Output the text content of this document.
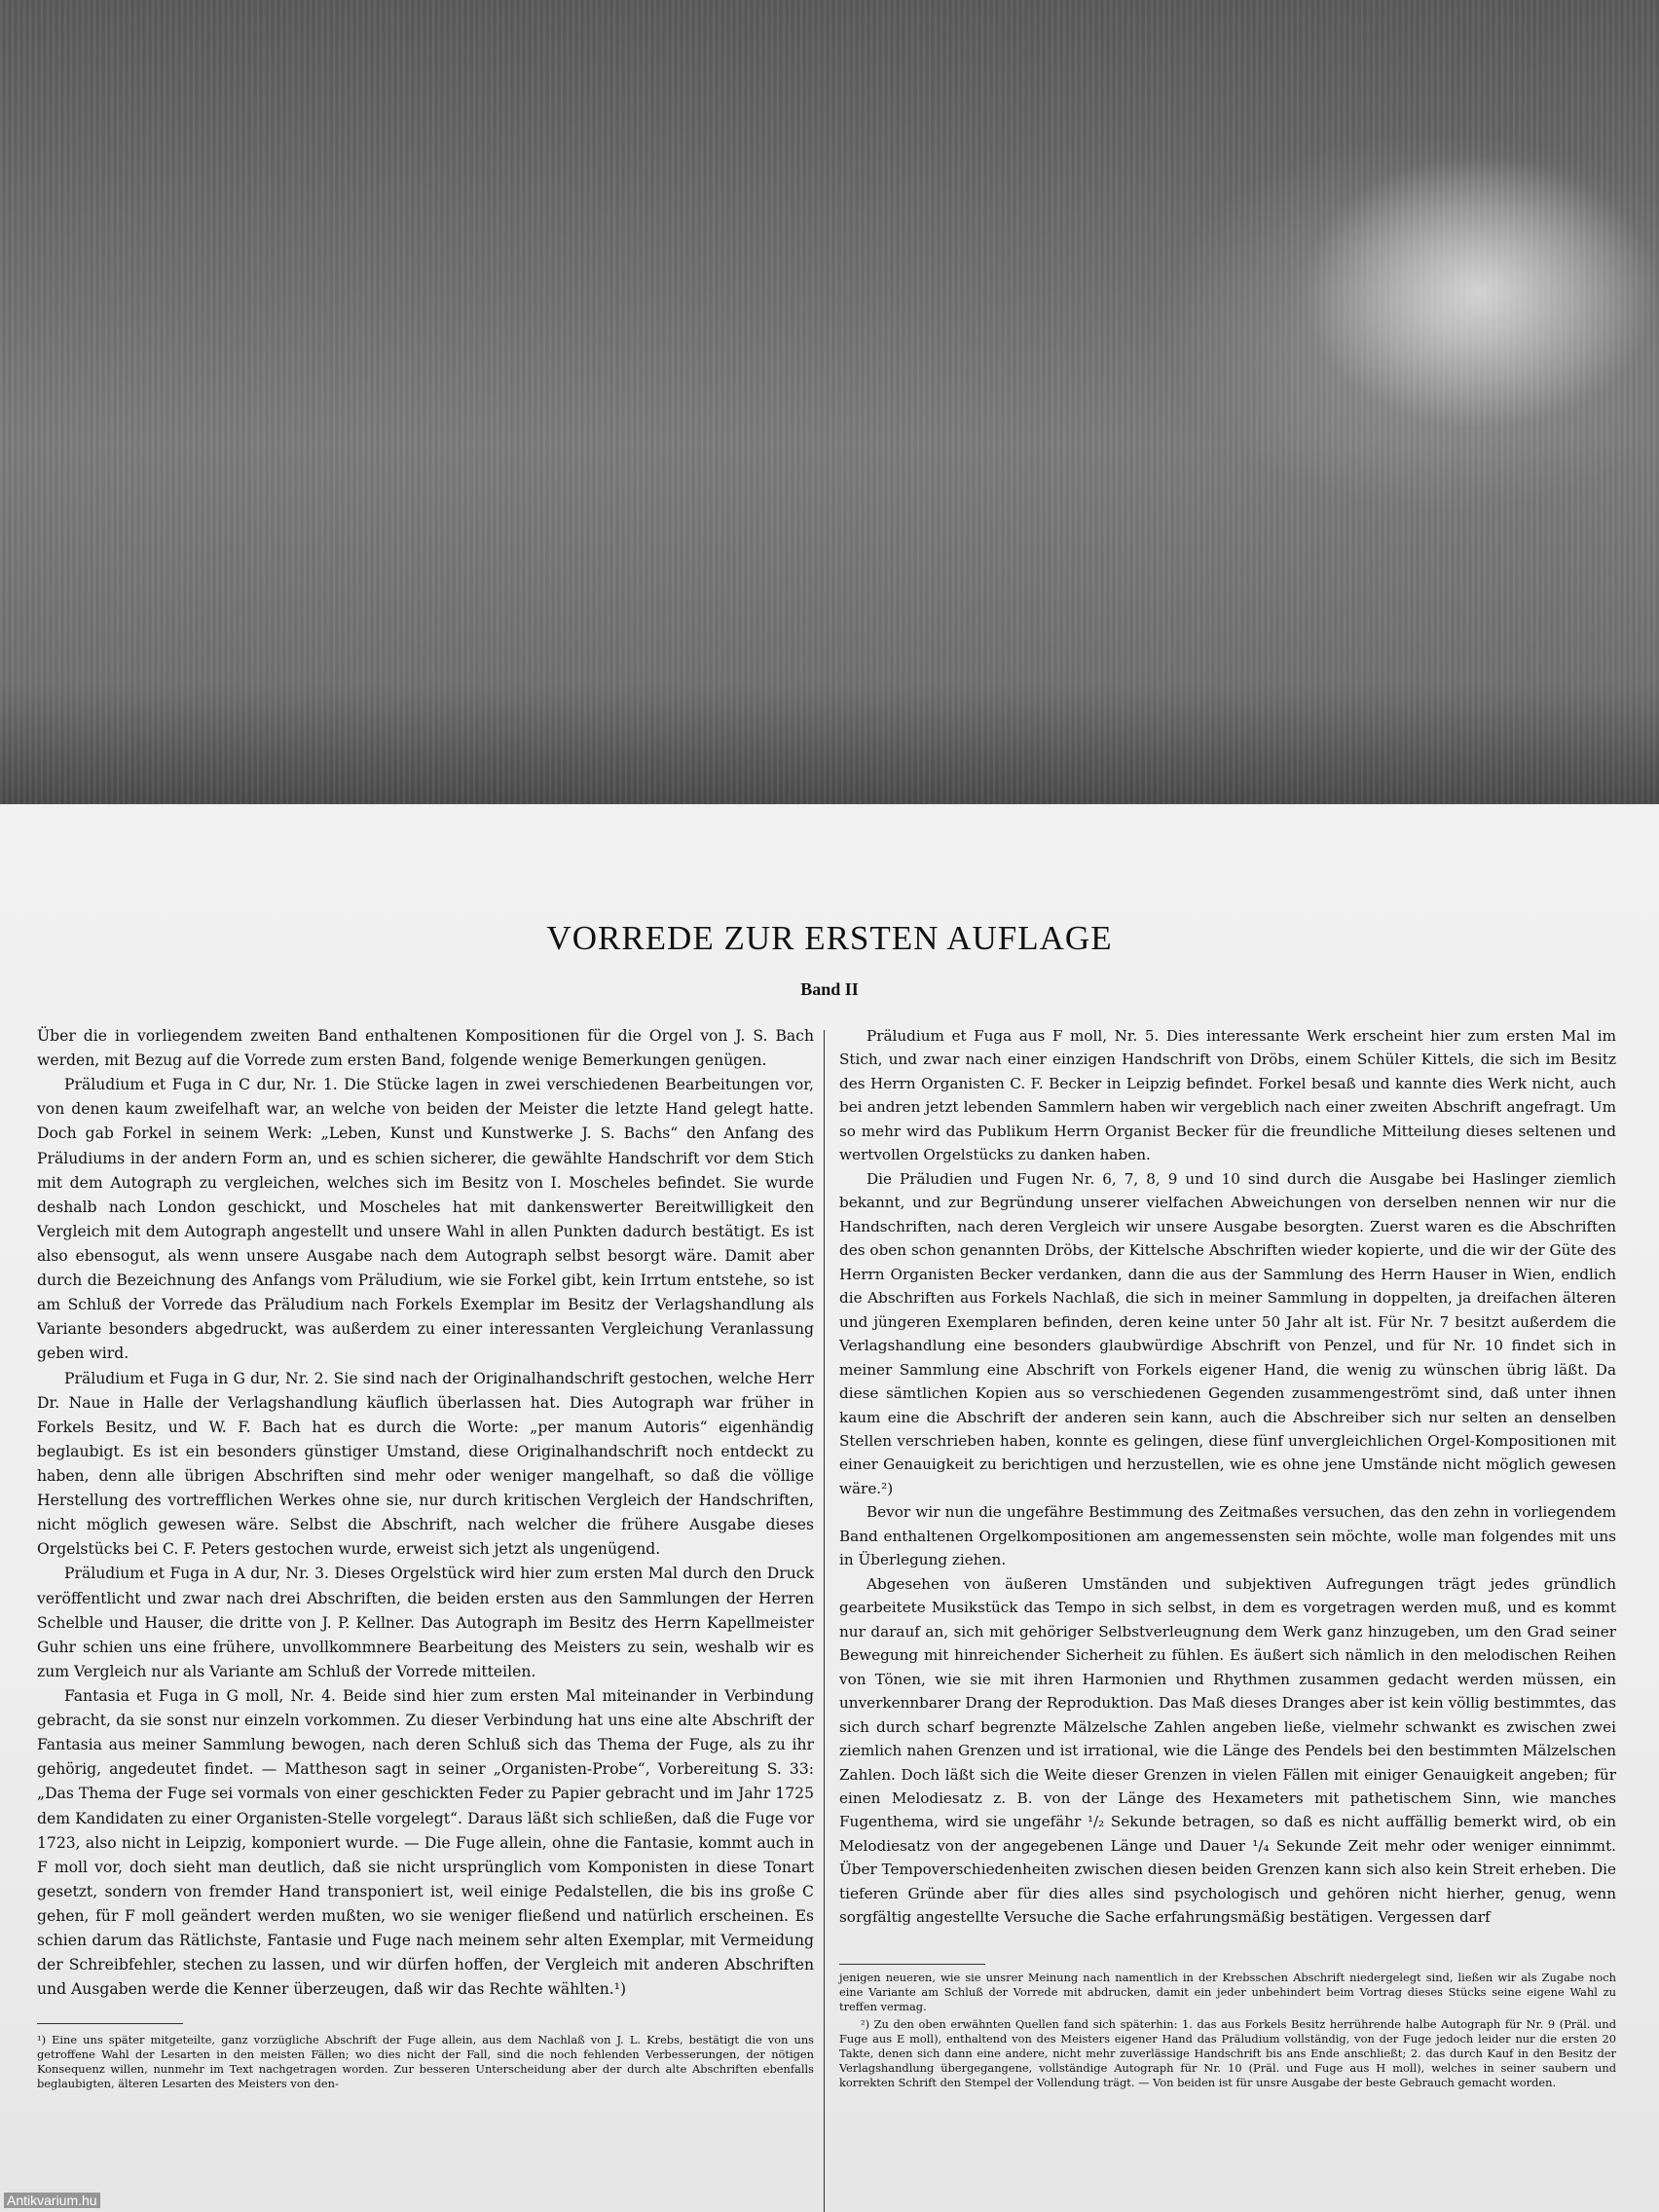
VORREDE ZUR ERSTEN AUFLAGE
Band II

Über die in vorliegendem zweiten Band enthaltenen Kompositionen für die Orgel von J. S. Bach werden, mit Bezug auf die Vorrede zum ersten Band, folgende wenige Bemerkungen genügen.

Präludium et Fuga in C dur, Nr. 1. Die Stücke lagen in zwei verschiedenen Bearbeitungen vor, von denen kaum zweifelhaft war, an welche von beiden der Meister die letzte Hand gelegt hatte. Doch gab Forkel in seinem Werk: „Leben, Kunst und Kunstwerke J. S. Bachs“ den Anfang des Präludiums in der andern Form an, und es schien sicherer, die gewählte Handschrift vor dem Stich mit dem Autograph zu vergleichen, welches sich im Besitz von I. Moscheles befindet. Sie wurde deshalb nach London geschickt, und Moscheles hat mit dankenswerter Bereitwilligkeit den Vergleich mit dem Autograph angestellt und unsere Wahl in allen Punkten dadurch bestätigt. Es ist also ebensogut, als wenn unsere Ausgabe nach dem Autograph selbst besorgt wäre. Damit aber durch die Bezeichnung des Anfangs vom Präludium, wie sie Forkel gibt, kein Irrtum entstehe, so ist am Schluß der Vorrede das Präludium nach Forkels Exemplar im Besitz der Verlagshandlung als Variante besonders abgedruckt, was außerdem zu einer interessanten Vergleichung Veranlassung geben wird.

Präludium et Fuga in G dur, Nr. 2. Sie sind nach der Originalhandschrift gestochen, welche Herr Dr. Naue in Halle der Verlagshandlung käuflich überlassen hat. Dies Autograph war früher in Forkels Besitz, und W. F. Bach hat es durch die Worte: „per manum Autoris“ eigenhändig beglaubigt. Es ist ein besonders günstiger Umstand, diese Originalhandschrift noch entdeckt zu haben, denn alle übrigen Abschriften sind mehr oder weniger mangelhaft, so daß die völlige Herstellung des vortrefflichen Werkes ohne sie, nur durch kritischen Vergleich der Handschriften, nicht möglich gewesen wäre. Selbst die Abschrift, nach welcher die frühere Ausgabe dieses Orgelstücks bei C. F. Peters gestochen wurde, erweist sich jetzt als ungenügend.

Präludium et Fuga in A dur, Nr. 3. Dieses Orgelstück wird hier zum ersten Mal durch den Druck veröffentlicht und zwar nach drei Abschriften, die beiden ersten aus den Sammlungen der Herren Schelble und Hauser, die dritte von J. P. Kellner. Das Autograph im Besitz des Herrn Kapellmeister Guhr schien uns eine frühere, unvollkommnere Bearbeitung des Meisters zu sein, weshalb wir es zum Vergleich nur als Variante am Schluß der Vorrede mitteilen.

Fantasia et Fuga in G moll, Nr. 4. Beide sind hier zum ersten Mal miteinander in Verbindung gebracht, da sie sonst nur einzeln vorkommen. Zu dieser Verbindung hat uns eine alte Abschrift der Fantasia aus meiner Sammlung bewogen, nach deren Schluß sich das Thema der Fuge, als zu ihr gehörig, angedeutet findet. — Mattheson sagt in seiner „Organisten-Probe“, Vorbereitung S. 33: „Das Thema der Fuge sei vormals von einer geschickten Feder zu Papier gebracht und im Jahr 1725 dem Kandidaten zu einer Organisten-Stelle vorgelegt“. Daraus läßt sich schließen, daß die Fuge vor 1723, also nicht in Leipzig, komponiert wurde. — Die Fuge allein, ohne die Fantasie, kommt auch in F moll vor, doch sieht man deutlich, daß sie nicht ursprünglich vom Komponisten in diese Tonart gesetzt, sondern von fremder Hand transponiert ist, weil einige Pedalstellen, die bis ins große C gehen, für F moll geändert werden mußten, wo sie weniger fließend und natürlich erscheinen. Es schien darum das Rätlichste, Fantasie und Fuge nach meinem sehr alten Exemplar, mit Vermeidung der Schreibfehler, stechen zu lassen, und wir dürfen hoffen, der Vergleich mit anderen Abschriften und Ausgaben werde die Kenner überzeugen, daß wir das Rechte wählten.¹)

Präludium et Fuga aus F moll, Nr. 5. Dies interessante Werk erscheint hier zum ersten Mal im Stich, und zwar nach einer einzigen Handschrift von Dröbs, einem Schüler Kittels, die sich im Besitz des Herrn Organisten C. F. Becker in Leipzig befindet. Forkel besaß und kannte dies Werk nicht, auch bei andren jetzt lebenden Sammlern haben wir vergeblich nach einer zweiten Abschrift angefragt. Um so mehr wird das Publikum Herrn Organist Becker für die freundliche Mitteilung dieses seltenen und wertvollen Orgelstücks zu danken haben.

Die Präludien und Fugen Nr. 6, 7, 8, 9 und 10 sind durch die Ausgabe bei Haslinger ziemlich bekannt, und zur Begründung unserer vielfachen Abweichungen von derselben nennen wir nur die Handschriften, nach deren Vergleich wir unsere Ausgabe besorgten. Zuerst waren es die Abschriften des oben schon genannten Dröbs, der Kittelsche Abschriften wieder kopierte, und die wir der Güte des Herrn Organisten Becker verdanken, dann die aus der Sammlung des Herrn Hauser in Wien, endlich die Abschriften aus Forkels Nachlaß, die sich in meiner Sammlung in doppelten, ja dreifachen älteren und jüngeren Exemplaren befinden, deren keine unter 50 Jahr alt ist. Für Nr. 7 besitzt außerdem die Verlagshandlung eine besonders glaubwürdige Abschrift von Penzel, und für Nr. 10 findet sich in meiner Sammlung eine Abschrift von Forkels eigener Hand, die wenig zu wünschen übrig läßt. Da diese sämtlichen Kopien aus so verschiedenen Gegenden zusammengeströmt sind, daß unter ihnen kaum eine die Abschrift der anderen sein kann, auch die Abschreiber sich nur selten an denselben Stellen verschrieben haben, konnte es gelingen, diese fünf unvergleichlichen Orgel-Kompositionen mit einer Genauigkeit zu berichtigen und herzustellen, wie es ohne jene Umstände nicht möglich gewesen wäre.²)

Bevor wir nun die ungefähre Bestimmung des Zeitmaßes versuchen, das den zehn in vorliegendem Band enthaltenen Orgelkompositionen am angemessensten sein möchte, wolle man folgendes mit uns in Überlegung ziehen.

Abgesehen von äußeren Umständen und subjektiven Aufregungen trägt jedes gründlich gearbeitete Musikstück das Tempo in sich selbst, in dem es vorgetragen werden muß, und es kommt nur darauf an, sich mit gehöriger Selbstverleugnung dem Werk ganz hinzugeben, um den Grad seiner Bewegung mit hinreichender Sicherheit zu fühlen. Es äußert sich nämlich in den melodischen Reihen von Tönen, wie sie mit ihren Harmonien und Rhythmen zusammen gedacht werden müssen, ein unverkennbarer Drang der Reproduktion. Das Maß dieses Dranges aber ist kein völlig bestimmtes, das sich durch scharf begrenzte Mälzelsche Zahlen angeben ließe, vielmehr schwankt es zwischen zwei ziemlich nahen Grenzen und ist irrational, wie die Länge des Pendels bei den bestimmten Mälzelschen Zahlen. Doch läßt sich die Weite dieser Grenzen in vielen Fällen mit einiger Genauigkeit angeben; für einen Melodiesatz z. B. von der Länge des Hexameters mit pathetischem Sinn, wie manches Fugenthema, wird sie ungefähr ¹/₂ Sekunde betragen, so daß es nicht auffällig bemerkt wird, ob ein Melodiesatz von der angegebenen Länge und Dauer ¹/₄ Sekunde Zeit mehr oder weniger einnimmt. Über Tempoverschiedenheiten zwischen diesen beiden Grenzen kann sich also kein Streit erheben. Die tieferen Gründe aber für dies alles sind psychologisch und gehören nicht hierher, genug, wenn sorgfältig angestellte Versuche die Sache erfahrungsmäßig bestätigen. Vergessen darf

¹) Eine uns später mitgeteilte, ganz vorzügliche Abschrift der Fuge allein, aus dem Nachlaß von J. L. Krebs, bestätigt die von uns getroffene Wahl der Lesarten in den meisten Fällen; wo dies nicht der Fall, sind die noch fehlenden Verbesserungen, der nötigen Konsequenz willen, nunmehr im Text nachgetragen worden. Zur besseren Unterscheidung aber der durch alte Abschriften ebenfalls beglaubigten, älteren Lesarten des Meisters von den-

jenigen neueren, wie sie unsrer Meinung nach namentlich in der Krebsschen Abschrift niedergelegt sind, ließen wir als Zugabe noch eine Variante am Schluß der Vorrede mit abdrucken, damit ein jeder unbehindert beim Vortrag dieses Stücks seine eigene Wahl zu treffen vermag.

²) Zu den oben erwähnten Quellen fand sich späterhin: 1. das aus Forkels Besitz herrührende halbe Autograph für Nr. 9 (Präl. und Fuge aus E moll), enthaltend von des Meisters eigener Hand das Präludium vollständig, von der Fuge jedoch leider nur die ersten 20 Takte, denen sich dann eine andere, nicht mehr zuverlässige Handschrift bis ans Ende anschließt; 2. das durch Kauf in den Besitz der Verlagshandlung übergegangene, vollständige Autograph für Nr. 10 (Präl. und Fuge aus H moll), welches in seiner saubern und korrekten Schrift den Stempel der Vollendung trägt. — Von beiden ist für unsre Ausgabe der beste Gebrauch gemacht worden.

Antikvarium.hu
